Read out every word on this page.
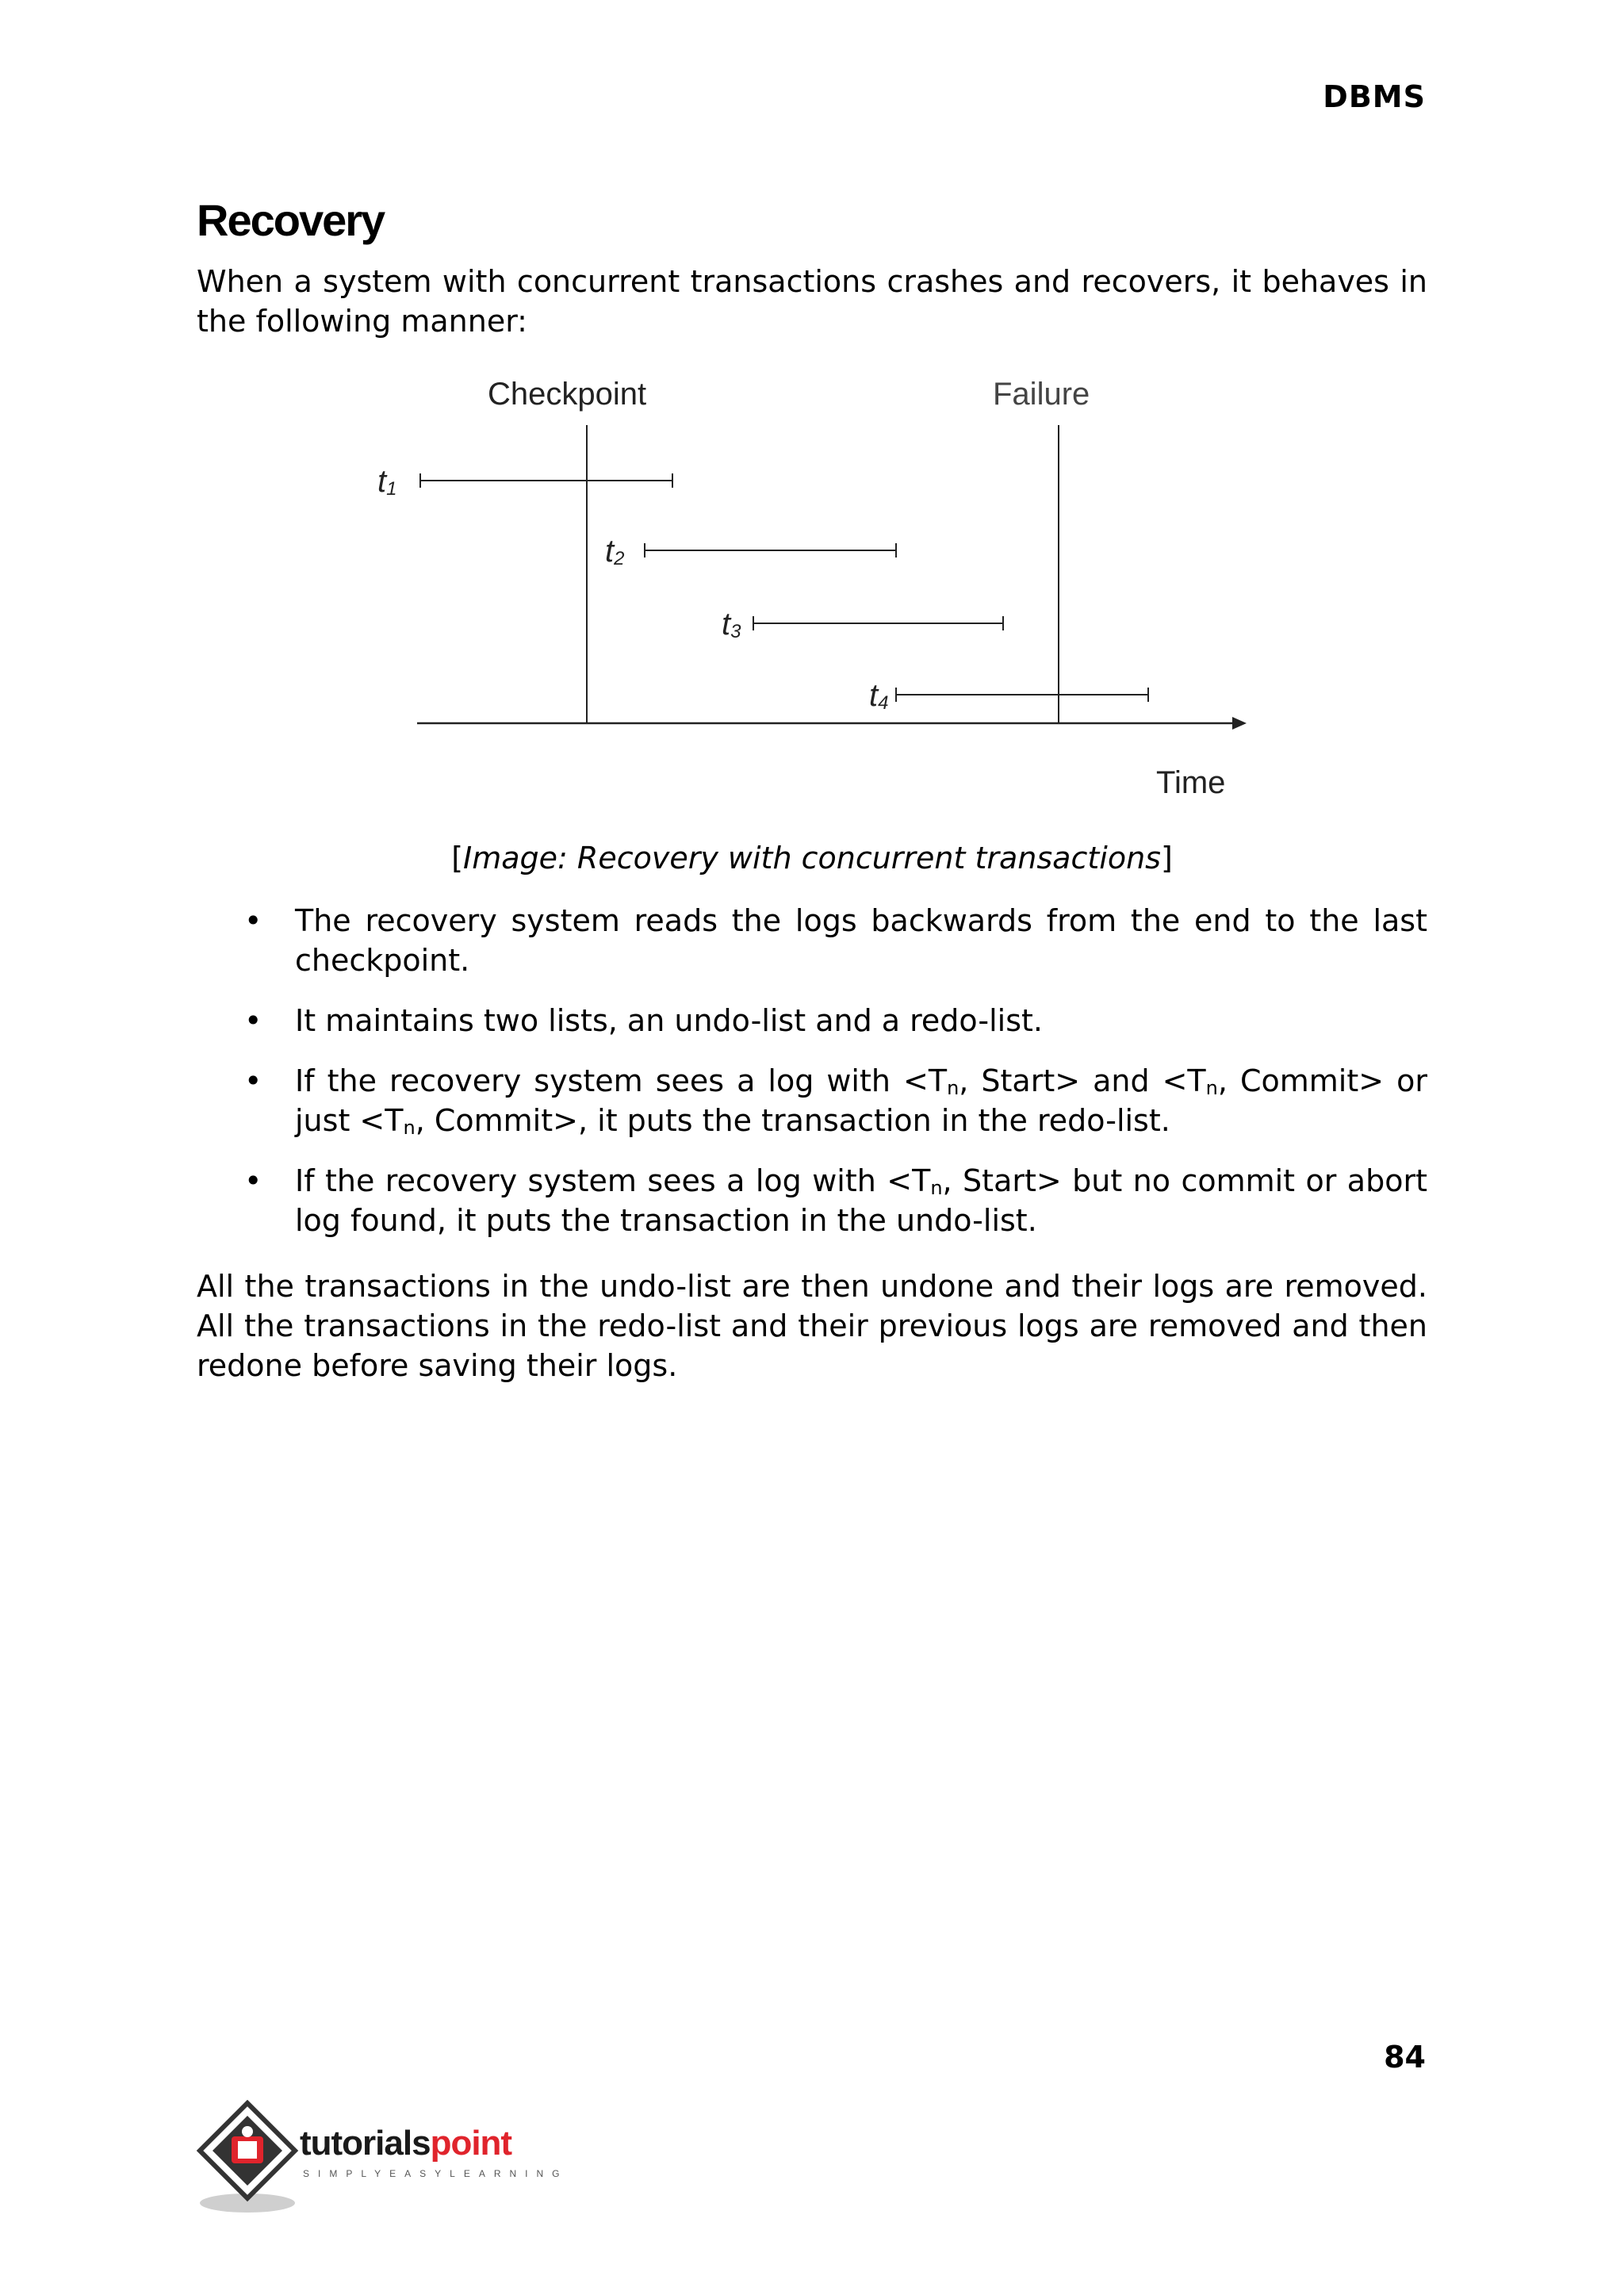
DBMS
Recovery

When a system with concurrent transactions crashes and recovers, it behaves in the following manner:

Checkpoint	Failure
Time
t1
t2
t3
t4
[Image: Recovery with concurrent transactions]
• The recovery system reads the logs backwards from the end to the last checkpoint.
• It maintains two lists, an undo-list and a redo-list.
• If the recovery system sees a log with $<T_n$, Start> and $<T_n$, Commit> or just $<T_n$, Commit>, it puts the transaction in the redo-list.
• If the recovery system sees a log with $<T_n$, Start> but no commit or abort log found, it puts the transaction in the undo-list.

All the transactions in the undo-list are then undone and their logs are removed. All the transactions in the redo-list and their previous logs are removed and then redone before saving their logs.

84
tutorialspoint
SIMPLYEASYLEARNING
